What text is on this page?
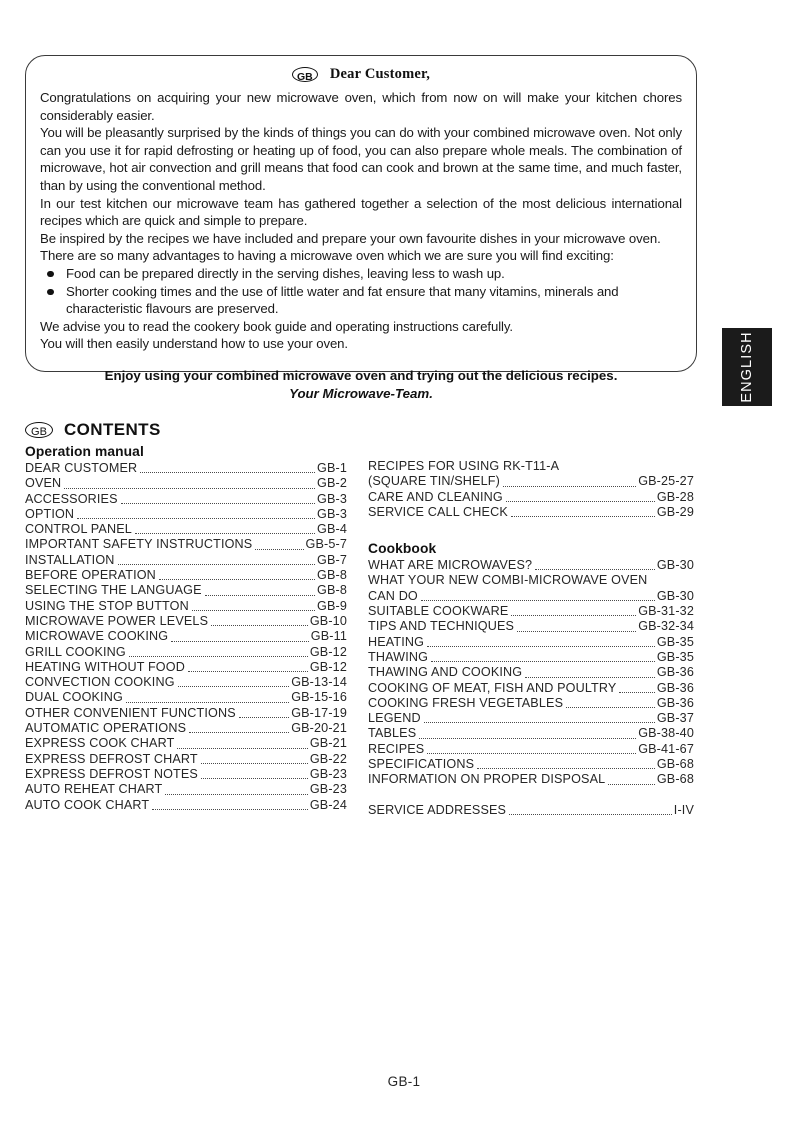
GB	Dear Customer,

Congratulations on acquiring your new microwave oven, which from now on will make your kitchen chores considerably easier.

You will be pleasantly surprised by the kinds of things you can do with your combined microwave oven. Not only can you use it for rapid defrosting or heating up of food, you can also prepare whole meals. The combination of microwave, hot air convection and grill means that food can cook and brown at the same time, and much faster, than by using the conventional method.

In our test kitchen our microwave team has gathered together a selection of the most delicious international recipes which are quick and simple to prepare.

Be inspired by the recipes we have included and prepare your own favourite dishes in your microwave oven.

There are so many advantages to having a microwave oven which we are sure you will find exciting:

Food can be prepared directly in the serving dishes, leaving less to wash up.
Shorter cooking times and the use of little water and fat ensure that many vitamins, minerals and characteristic flavours are preserved.

We advise you to read the cookery book guide and operating instructions carefully.

You will then easily understand how to use your oven.

Enjoy using your combined microwave oven and trying out the delicious recipes.
Your Microwave-Team.	ENGLISH
GB	CONTENTS
Operation manual
DEAR CUSTOMER	GB-1
OVEN	GB-2
ACCESSORIES	GB-3
OPTION	GB-3
CONTROL PANEL	GB-4
IMPORTANT SAFETY INSTRUCTIONS	GB-5-7
INSTALLATION	GB-7
BEFORE OPERATION	GB-8
SELECTING THE LANGUAGE	GB-8
USING THE STOP BUTTON	GB-9
MICROWAVE POWER LEVELS	GB-10
MICROWAVE COOKING	GB-11
GRILL COOKING	GB-12
HEATING WITHOUT FOOD	GB-12
CONVECTION COOKING	GB-13-14
DUAL COOKING	GB-15-16
OTHER CONVENIENT FUNCTIONS	GB-17-19
AUTOMATIC OPERATIONS	GB-20-21
EXPRESS COOK CHART	GB-21
EXPRESS DEFROST CHART	GB-22
EXPRESS DEFROST NOTES	GB-23
AUTO REHEAT CHART	GB-23
AUTO COOK CHART	GB-24
RECIPES FOR USING RK-T11-A
(SQUARE TIN/SHELF)	GB-25-27
CARE AND CLEANING	GB-28
SERVICE CALL CHECK	GB-29
Cookbook
WHAT ARE MICROWAVES?	GB-30
WHAT YOUR NEW COMBI-MICROWAVE OVEN
CAN DO	GB-30
SUITABLE COOKWARE	GB-31-32
TIPS AND TECHNIQUES	GB-32-34
HEATING	GB-35
THAWING	GB-35
THAWING AND COOKING	GB-36
COOKING OF MEAT, FISH AND POULTRY	GB-36
COOKING FRESH VEGETABLES	GB-36
LEGEND	GB-37
TABLES	GB-38-40
RECIPES	GB-41-67
SPECIFICATIONS	GB-68
INFORMATION ON PROPER DISPOSAL	GB-68
SERVICE ADDRESSES	I-IV
GB-1
